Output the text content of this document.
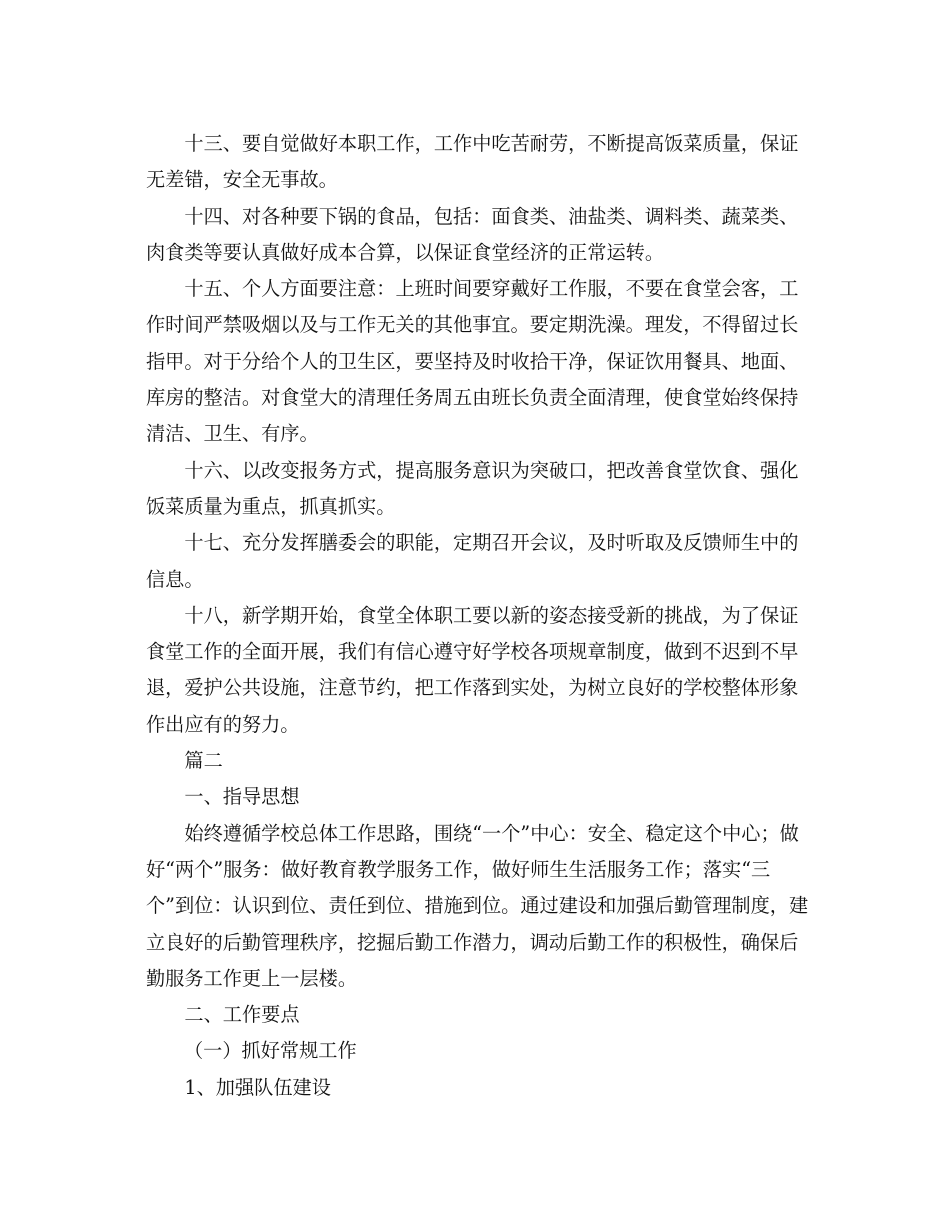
十三、要自觉做好本职工作，工作中吃苦耐劳，不断提高饭菜质量，保证无差错，安全无事故。

十四、对各种要下锅的食品，包括：面食类、油盐类、调料类、蔬菜类、肉食类等要认真做好成本合算，以保证食堂经济的正常运转。

十五、个人方面要注意：上班时间要穿戴好工作服，不要在食堂会客，工作时间严禁吸烟以及与工作无关的其他事宜。要定期洗澡。理发，不得留过长指甲。对于分给个人的卫生区，要坚持及时收拾干净，保证饮用餐具、地面、库房的整洁。对食堂大的清理任务周五由班长负责全面清理，使食堂始终保持清洁、卫生、有序。

十六、以改变报务方式，提高服务意识为突破口，把改善食堂饮食、强化饭菜质量为重点，抓真抓实。

十七、充分发挥膳委会的职能，定期召开会议，及时听取及反馈师生中的信息。

十八，新学期开始，食堂全体职工要以新的姿态接受新的挑战，为了保证食堂工作的全面开展，我们有信心遵守好学校各项规章制度，做到不迟到不早退，爱护公共设施，注意节约，把工作落到实处，为树立良好的学校整体形象作出应有的努力。

篇二

一、指导思想

始终遵循学校总体工作思路，围绕“一个”中心：安全、稳定这个中心；做好“两个”服务：做好教育教学服务工作，做好师生生活服务工作；落实“三个”到位：认识到位、责任到位、措施到位。通过建设和加强后勤管理制度，建立良好的后勤管理秩序，挖掘后勤工作潜力，调动后勤工作的积极性，确保后勤服务工作更上一层楼。

二、工作要点

（一）抓好常规工作

1、加强队伍建设
